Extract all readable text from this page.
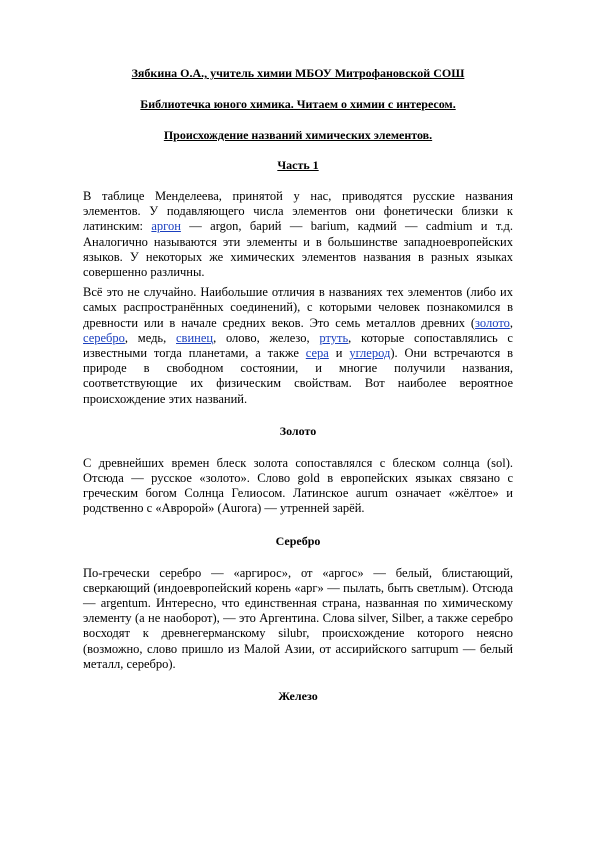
Зябкина О.А., учитель химии МБОУ Митрофановской СОШ
Библиотечка юного химика. Читаем о химии с интересом.
Происхождение названий химических элементов.
Часть 1

В таблице Менделеева, принятой у нас, приводятся русские названия элементов. У подавляющего числа элементов они фонетически близки к латинским: аргон — argon, барий — barium, кадмий — cadmium и т.д. Аналогично называются эти элементы и в большинстве западноевропейских языков. У некоторых же химических элементов названия в разных языках совершенно различны.

Всё это не случайно. Наибольшие отличия в названиях тех элементов (либо их самых распространённых соединений), с которыми человек познакомился в древности или в начале средних веков. Это семь металлов древних (золото, серебро, медь, свинец, олово, железо, ртуть, которые сопоставлялись с известными тогда планетами, а также сера и углерод). Они встречаются в природе в свободном состоянии, и многие получили названия, соответствующие их физическим свойствам. Вот наиболее вероятное происхождение этих названий.

Золото

С древнейших времен блеск золота сопоставлялся с блеском солнца (sol). Отсюда — русское «золото». Слово gold в европейских языках связано с греческим богом Солнца Гелиосом. Латинское aurum означает «жёлтое» и родственно с «Авророй» (Aurora) — утренней зарёй.

Серебро

По-гречески серебро — «аргирос», от «аргос» — белый, блистающий, сверкающий (индоевропейский корень «арг» — пылать, быть светлым). Отсюда — argentum. Интересно, что единственная страна, названная по химическому элементу (а не наоборот), — это Аргентина. Слова silver, Silber, а также серебро восходят к древнегерманскому silubr, происхождение которого неясно (возможно, слово пришло из Малой Азии, от ассирийского sarrupum — белый металл, серебро).

Железо
